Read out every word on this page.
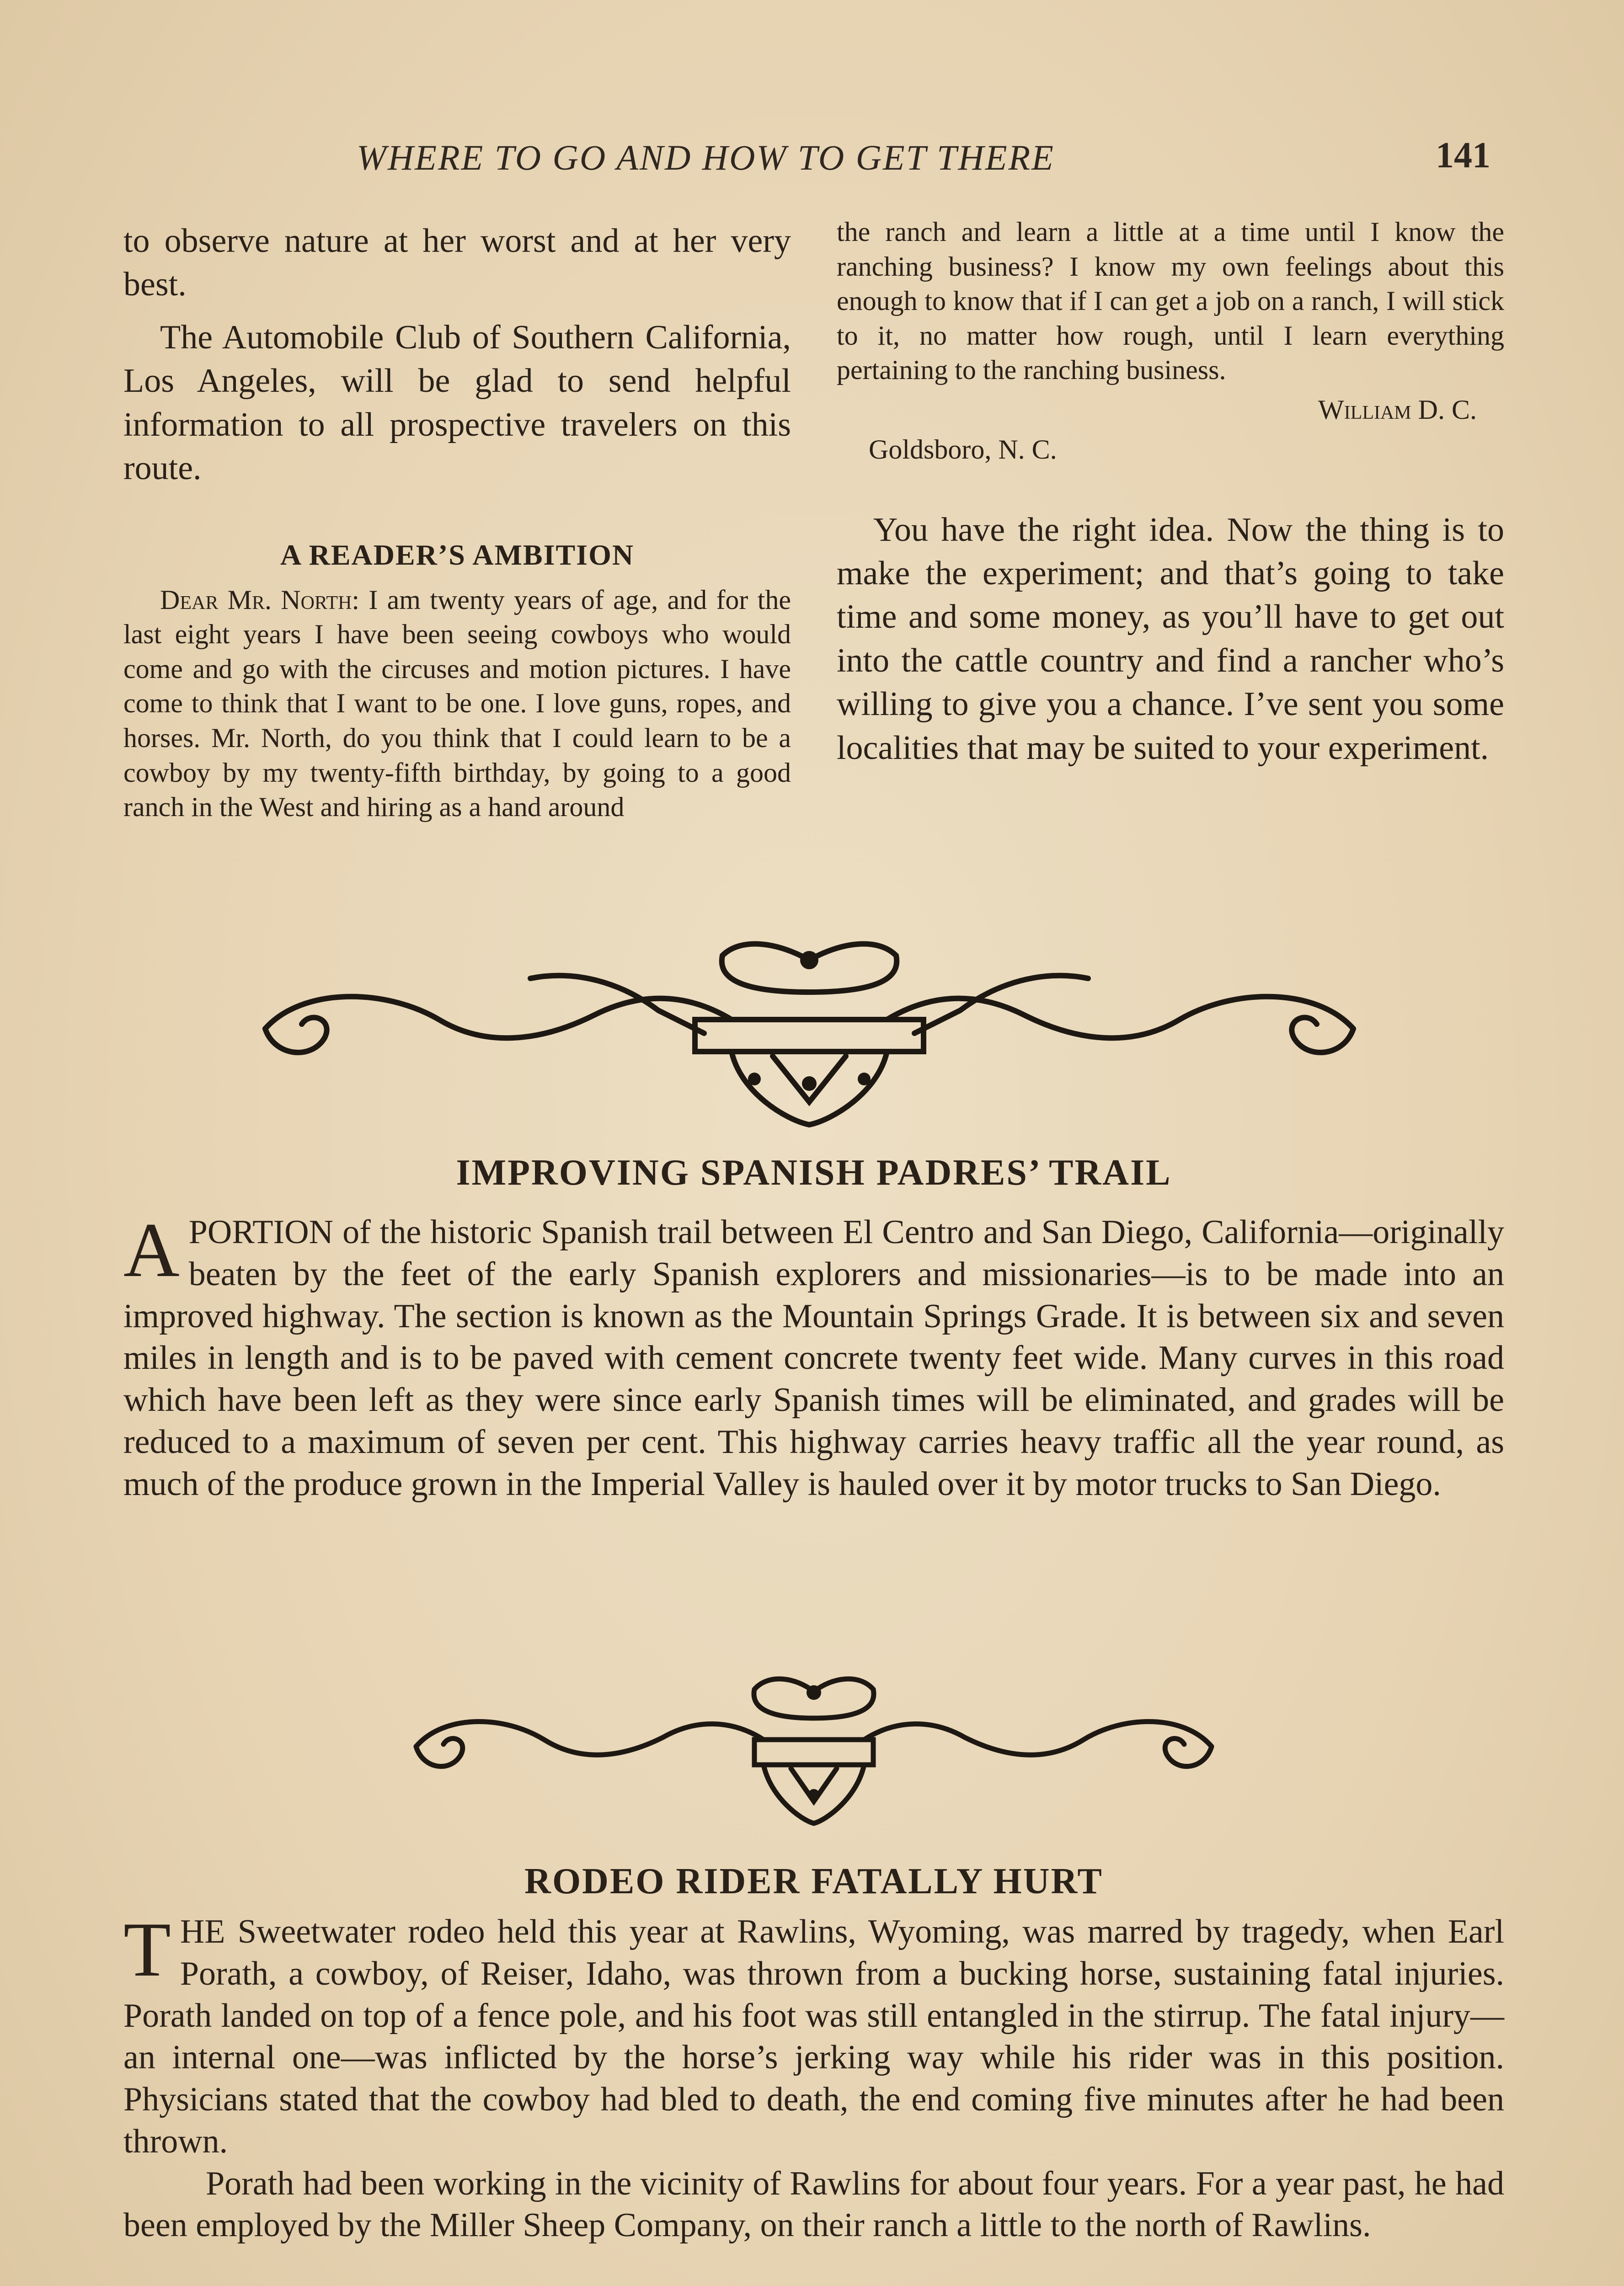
WHERE TO GO AND HOW TO GET THERE	141

to observe nature at her worst and at her very best.

The Automobile Club of Southern California, Los Angeles, will be glad to send helpful information to all prospective travelers on this route.

A READER’S AMBITION

Dear Mr. North: I am twenty years of age, and for the last eight years I have been seeing cowboys who would come and go with the circuses and motion pictures. I have come to think that I want to be one. I love guns, ropes, and horses. Mr. North, do you think that I could learn to be a cowboy by my twenty-fifth birthday, by going to a good ranch in the West and hiring as a hand around

the ranch and learn a little at a time until I know the ranching business? I know my own feelings about this enough to know that if I can get a job on a ranch, I will stick to it, no matter how rough, until I learn everything pertaining to the ranching business.

William D. C.
Goldsboro, N. C.

You have the right idea. Now the thing is to make the experiment; and that’s going to take time and some money, as you’ll have to get out into the cattle country and find a rancher who’s willing to give you a chance. I’ve sent you some localities that may be suited to your experiment.

IMPROVING SPANISH PADRES’ TRAIL

APORTION of the historic Spanish trail between El Centro and San Diego, California—originally beaten by the feet of the early Spanish explorers and missionaries—is to be made into an improved highway. The section is known as the Mountain Springs Grade. It is between six and seven miles in length and is to be paved with cement concrete twenty feet wide. Many curves in this road which have been left as they were since early Spanish times will be eliminated, and grades will be reduced to a maximum of seven per cent. This highway carries heavy traffic all the year round, as much of the produce grown in the Imperial Valley is hauled over it by motor trucks to San Diego.

RODEO RIDER FATALLY HURT

THE Sweetwater rodeo held this year at Rawlins, Wyoming, was marred by tragedy, when Earl Porath, a cowboy, of Reiser, Idaho, was thrown from a bucking horse, sustaining fatal injuries. Porath landed on top of a fence pole, and his foot was still entangled in the stirrup. The fatal injury—an internal one—was inflicted by the horse’s jerking way while his rider was in this position. Physicians stated that the cowboy had bled to death, the end coming five minutes after he had been thrown.

Porath had been working in the vicinity of Rawlins for about four years. For a year past, he had been employed by the Miller Sheep Company, on their ranch a little to the north of Rawlins.
